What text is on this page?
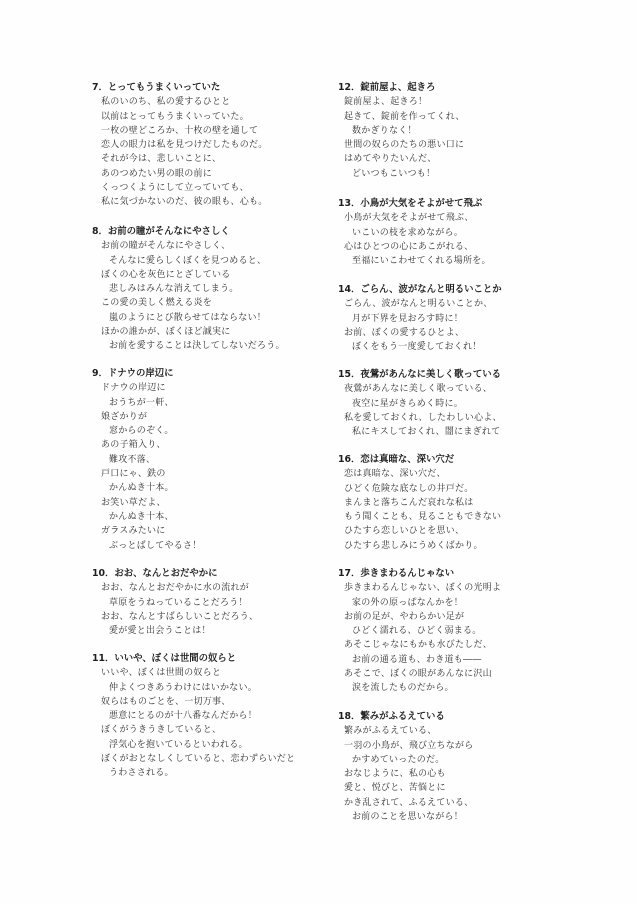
7．とってもうまくいっていた
私のいのち、私の愛するひとと
以前はとってもうまくいっていた。
一枚の壁どころか、十枚の壁を通して
恋人の眼力は私を見つけだしたものだ。
それが今は、悲しいことに、
あのつめたい男の眼の前に
くっつくようにして立っていても、
私に気づかないのだ、彼の眼も、心も。
8．お前の瞳がそんなにやさしく
お前の瞳がそんなにやさしく、
そんなに愛らしくぼくを見つめると、
ぼくの心を灰色にとざしている
悲しみはみんな消えてしまう。
この愛の美しく燃える炎を
嵐のようにとび散らせてはならない！
ほかの誰かが、ぼくほど誠実に
お前を愛することは決してしないだろう。
9．ドナウの岸辺に
ドナウの岸辺に
おうちが一軒、
娘ざかりが
窓からのぞく。
あの子箱入り、
難攻不落、
戸口にゃ、鉄の
かんぬき十本。
お笑い草だよ、
かんぬき十本、
ガラスみたいに
ぶっとばしてやるさ！
10．おお、なんとおだやかに
おお、なんとおだやかに水の流れが
草原をうねっていることだろう！
おお、なんとすばらしいことだろう、
愛が愛と出会うことは！
11．いいや、ぼくは世間の奴らと
いいや、ぼくは世間の奴らと
仲よくつきあうわけにはいかない。
奴らはものごとを、一切万事、
悪意にとるのが十八番なんだから！
ぼくがうきうきしていると、
浮気心を抱いているといわれる。
ぼくがおとなしくしていると、恋わずらいだと
うわさされる。
12．錠前屋よ、起きろ
錠前屋よ、起きろ！
起きて、錠前を作ってくれ、
数かぎりなく！
世間の奴らのたちの悪い口に
はめてやりたいんだ、
どいつもこいつも！
13．小鳥が大気をそよがせて飛ぶ
小鳥が大気をそよがせて飛ぶ、
いこいの枝を求めながら。
心はひとつの心にあこがれる、
至福にいこわせてくれる場所を。
14．ごらん、波がなんと明るいことか
ごらん、波がなんと明るいことか、
月が下界を見おろす時に！
お前、ぼくの愛するひとよ、
ぼくをもう一度愛しておくれ！
15．夜鶯があんなに美しく歌っている
夜鶯があんなに美しく歌っている、
夜空に星がきらめく時に。
私を愛しておくれ、したわしい心よ、
私にキスしておくれ、闇にまぎれて
16．恋は真暗な、深い穴だ
恋は真暗な、深い穴だ、
ひどく危険な底なしの井戸だ。
まんまと落ちこんだ哀れな私は
もう聞くことも、見ることもできない
ひたすら恋しいひとを思い、
ひたすら悲しみにうめくばかり。
17．歩きまわるんじゃない
歩きまわるんじゃない、ぼくの光明よ
家の外の原っぱなんかを！
お前の足が、やわらかい足が
ひどく濡れる、ひどく弱まる。
あそこじゃなにもかも水びたしだ、
お前の通る道も、わき道も――
あそこで、ぼくの眼があんなに沢山
涙を流したものだから。
18．繁みがふるえている
繁みがふるえている、
一羽の小鳥が、飛び立ちながら
かすめていったのだ。
おなじように、私の心も
愛と、悦びと、苦悩とに
かき乱されて、ふるえている、
お前のことを思いながら！
